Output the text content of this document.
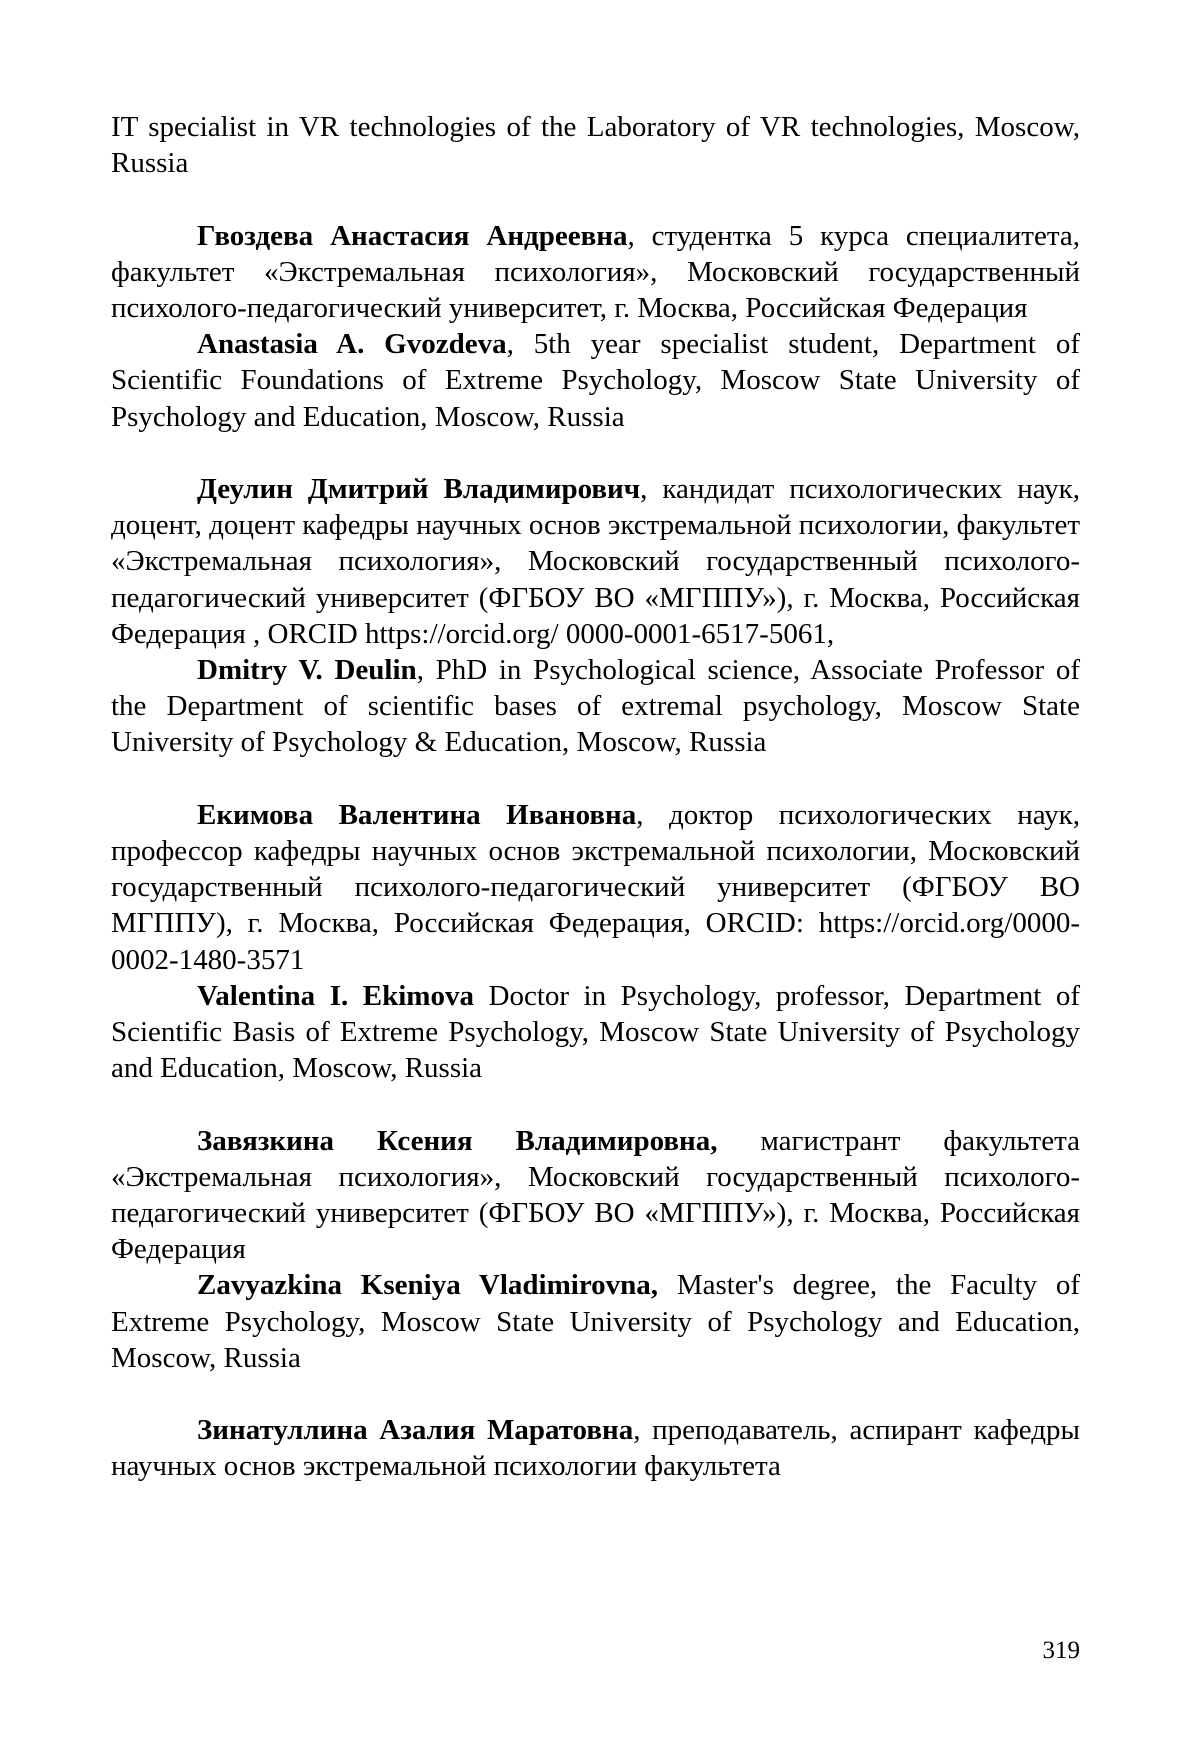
IT specialist in VR technologies of the Laboratory of VR technologies, Moscow, Russia

Гвоздева Анастасия Андреевна, студентка 5 курса специалитета, факультет «Экстремальная психология», Московский государственный психолого-педагогический университет, г. Москва, Российская Федерация

Anastasia A. Gvozdeva, 5th year specialist student, Department of Scientific Foundations of Extreme Psychology, Moscow State University of Psychology and Education, Moscow, Russia

Деулин Дмитрий Владимирович, кандидат психологических наук, доцент, доцент кафедры научных основ экстремальной психологии, факультет «Экстремальная психология», Московский государственный психолого-педагогический университет (ФГБОУ ВО «МГППУ»), г. Москва, Российская Федерация , ORCID https://orcid.org/ 0000-0001-6517-5061,

Dmitry V. Deulin, PhD in Psychological science, Associate Professor of the Department of scientific bases of extremal psychology, Moscow State University of Psychology & Education, Moscow, Russia

Екимова Валентина Ивановна, доктор психологических наук, профессор кафедры научных основ экстремальной психологии, Московский государственный психолого-педагогический университет (ФГБОУ ВО МГППУ), г. Москва, Российская Федерация, ORCID: https://orcid.org/0000-0002-1480-3571

Valentina I. Ekimova Doctor in Psychology, professor, Department of Scientific Basis of Extreme Psychology, Moscow State University of Psychology and Education, Moscow, Russia

Завязкина Ксения Владимировна, магистрант факультета «Экстремальная психология», Московский государственный психолого-педагогический университет (ФГБОУ ВО «МГППУ»), г. Москва, Российская Федерация

Zavyazkina Kseniya Vladimirovna, Master's degree, the Faculty of Extreme Psychology, Moscow State University of Psychology and Education, Moscow, Russia

Зинатуллина Азалия Маратовна, преподаватель, аспирант кафедры научных основ экстремальной психологии факультета

319
